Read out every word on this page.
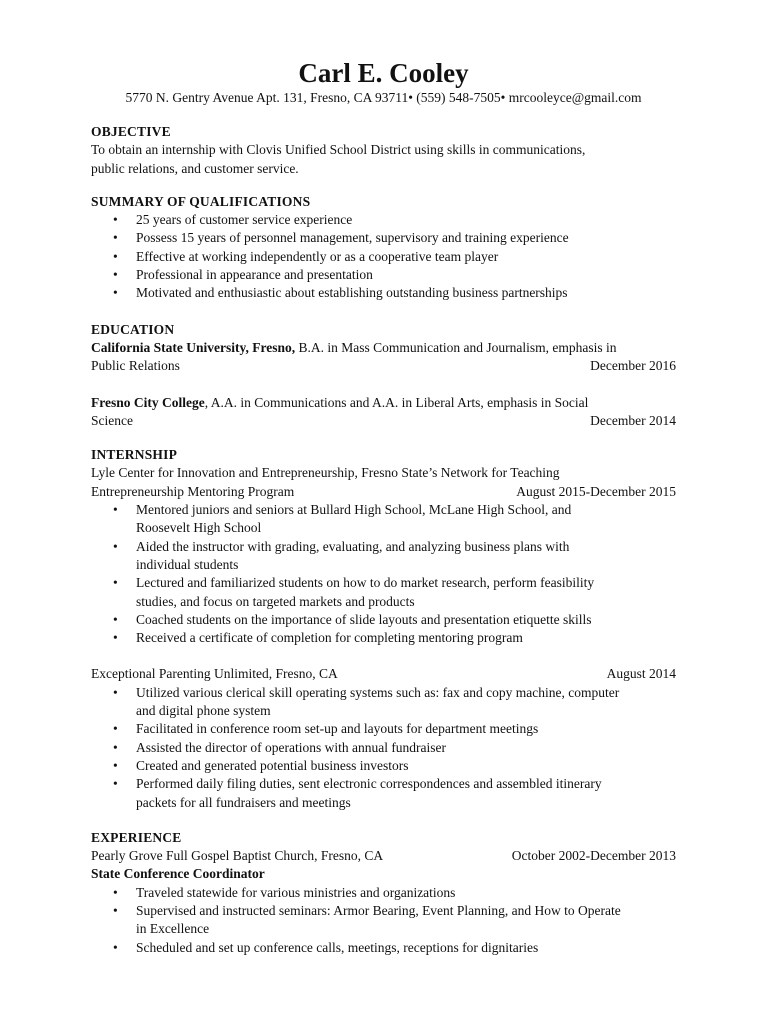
Carl E. Cooley

5770 N. Gentry Avenue Apt. 131, Fresno, CA 93711• (559) 548-7505• mrcooleyce@gmail.com

OBJECTIVE

To obtain an internship with Clovis Unified School District using skills in communications,

public relations, and customer service.

SUMMARY OF QUALIFICATIONS
• 25 years of customer service experience
• Possess 15 years of personnel management, supervisory and training experience
• Effective at working independently or as a cooperative team player
• Professional in appearance and presentation
• Motivated and enthusiastic about establishing outstanding business partnerships
EDUCATION

California State University, Fresno, B.A. in Mass Communication and Journalism, emphasis in

Public Relations	December 2016

Fresno City College, A.A. in Communications and A.A. in Liberal Arts, emphasis in Social

Science	December 2014
INTERNSHIP

Lyle Center for Innovation and Entrepreneurship, Fresno State’s Network for Teaching

Entrepreneurship Mentoring Program	August 2015-December 2015
• Mentored juniors and seniors at Bullard High School, McLane High School, and
Roosevelt High School
• Aided the instructor with grading, evaluating, and analyzing business plans with
individual students
• Lectured and familiarized students on how to do market research, perform feasibility
studies, and focus on targeted markets and products
• Coached students on the importance of slide layouts and presentation etiquette skills
• Received a certificate of completion for completing mentoring program
Exceptional Parenting Unlimited, Fresno, CA	August 2014
• Utilized various clerical skill operating systems such as: fax and copy machine, computer
and digital phone system
• Facilitated in conference room set-up and layouts for department meetings
• Assisted the director of operations with annual fundraiser
• Created and generated potential business investors
• Performed daily filing duties, sent electronic correspondences and assembled itinerary
packets for all fundraisers and meetings
EXPERIENCE
Pearly Grove Full Gospel Baptist Church, Fresno, CA	October 2002-December 2013

State Conference Coordinator

• Traveled statewide for various ministries and organizations
• Supervised and instructed seminars: Armor Bearing, Event Planning, and How to Operate
in Excellence
• Scheduled and set up conference calls, meetings, receptions for dignitaries
